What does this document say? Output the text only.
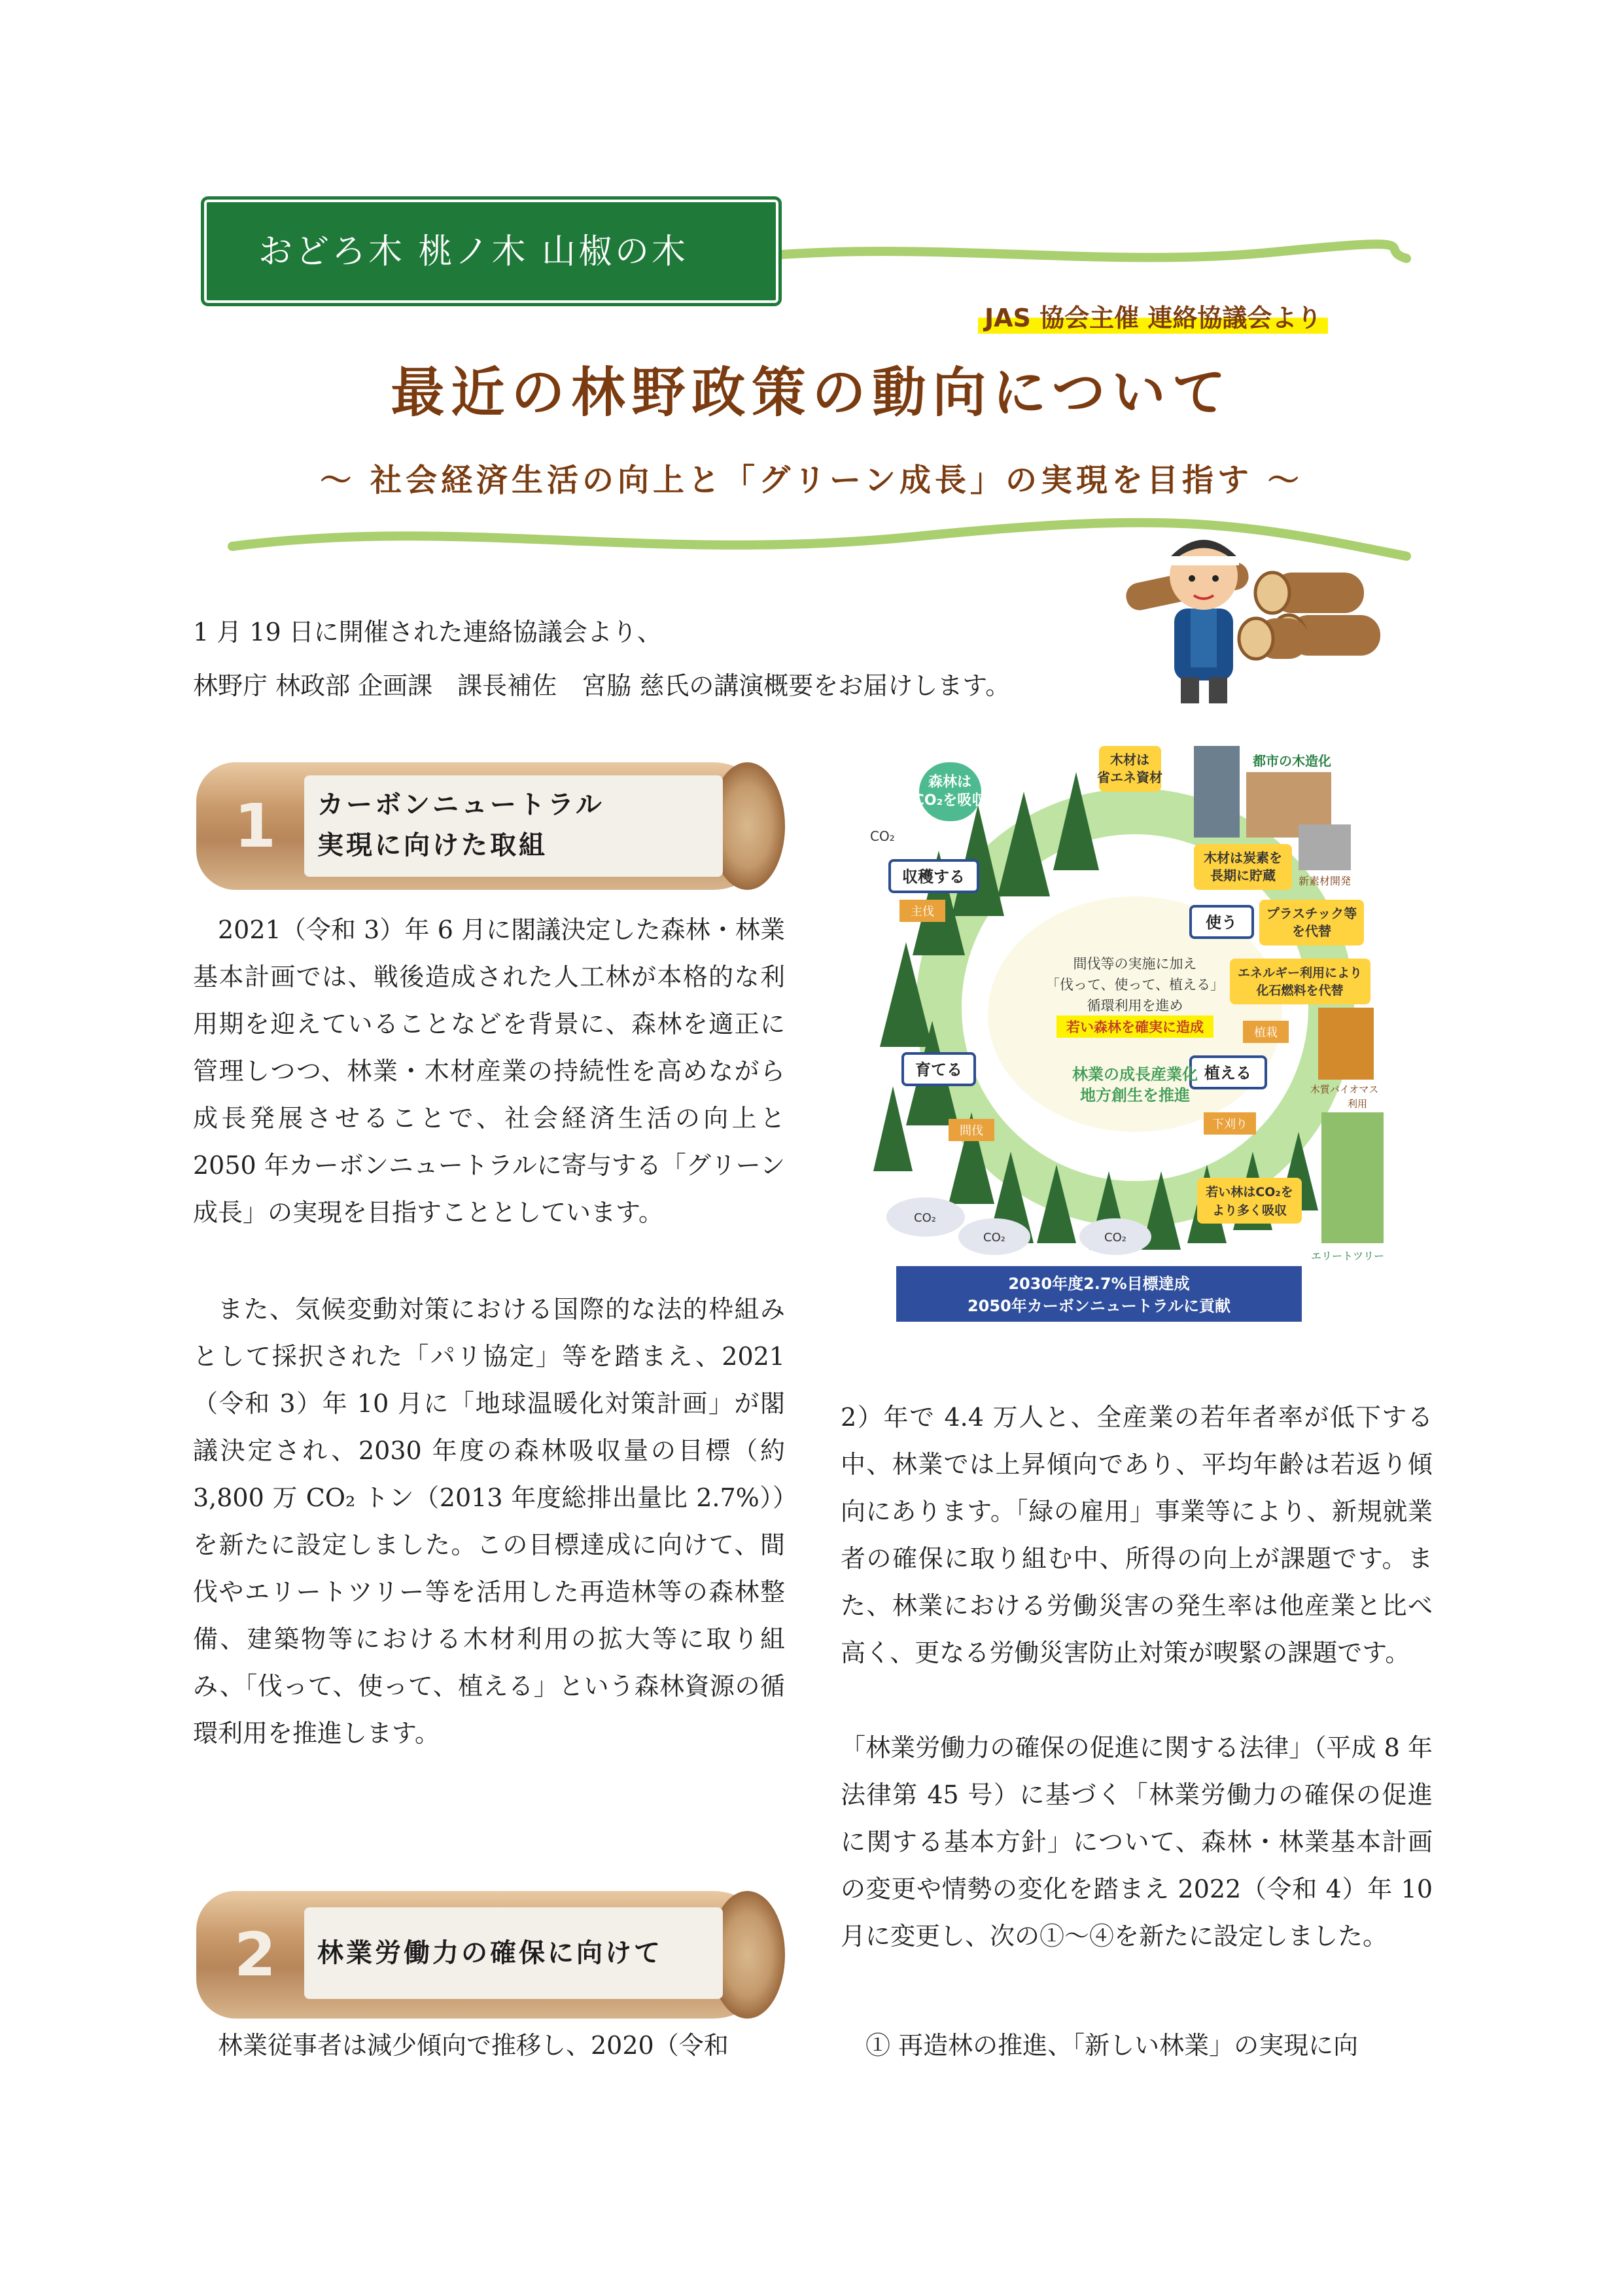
おどろ木 桃ノ木 山椒の木
JAS 協会主催 連絡協議会より
最近の林野政策の動向について
～ 社会経済生活の向上と「グリーン成長」の実現を目指す ～
1 月 19 日に開催された連絡協議会より、
林野庁 林政部 企画課　課長補佐　宮脇 慈氏の講演概要をお届けします。
1	カーボンニュートラル
実現に向けた取組
2021（令和 3）年 6 月に閣議決定した森林・林業基本計画では、戦後造成された人工林が本格的な利用期を迎えていることなどを背景に、森林を適正に管理しつつ、林業・木材産業の持続性を高めながら成長発展させることで、社会経済生活の向上と 2050 年カーボンニュートラルに寄与する「グリーン成長」の実現を目指すこととしています。
また、気候変動対策における国際的な法的枠組みとして採択された「パリ協定」等を踏まえ、2021（令和 3）年 10 月に「地球温暖化対策計画」が閣議決定され、2030 年度の森林吸収量の目標（約 3,800 万 CO₂ トン（2013 年度総排出量比 2.7%））を新たに設定しました。この目標達成に向けて、間伐やエリートツリー等を活用した再造林等の森林整備、建築物等における木材利用の拡大等に取り組み、「伐って、使って、植える」という森林資源の循環利用を推進します。
2	林業労働力の確保に向けて
林業従事者は減少傾向で推移し、2020（令和
森林は
CO₂を吸収
木材は
省エネ資材
都市の木造化
木材は炭素を
長期に貯蔵 新素材開発
プラスチック等
を代替
エネルギー利用により
化石燃料を代替
木質バイオマス
利用
収穫する
使う
植える
育てる
主伐
植栽
間伐	下刈り
間伐等の実施に加え
「伐って、使って、植える」
循環利用を進め
若い森林を確実に造成
林業の成長産業化
地方創生を推進
CO₂
CO₂
CO₂	CO₂
若い林はCO₂を
より多く吸収
エリートツリー
2030年度2.7%目標達成
2050年カーボンニュートラルに貢献
2）年で 4.4 万人と、全産業の若年者率が低下する中、林業では上昇傾向であり、平均年齢は若返り傾向にあります。「緑の雇用」事業等により、新規就業者の確保に取り組む中、所得の向上が課題です。また、林業における労働災害の発生率は他産業と比べ高く、更なる労働災害防止対策が喫緊の課題です。
「林業労働力の確保の促進に関する法律」（平成 8 年法律第 45 号）に基づく「林業労働力の確保の促進に関する基本方針」について、森林・林業基本計画の変更や情勢の変化を踏まえ 2022（令和 4）年 10 月に変更し、次の①～④を新たに設定しました。
① 再造林の推進、「新しい林業」の実現に向
